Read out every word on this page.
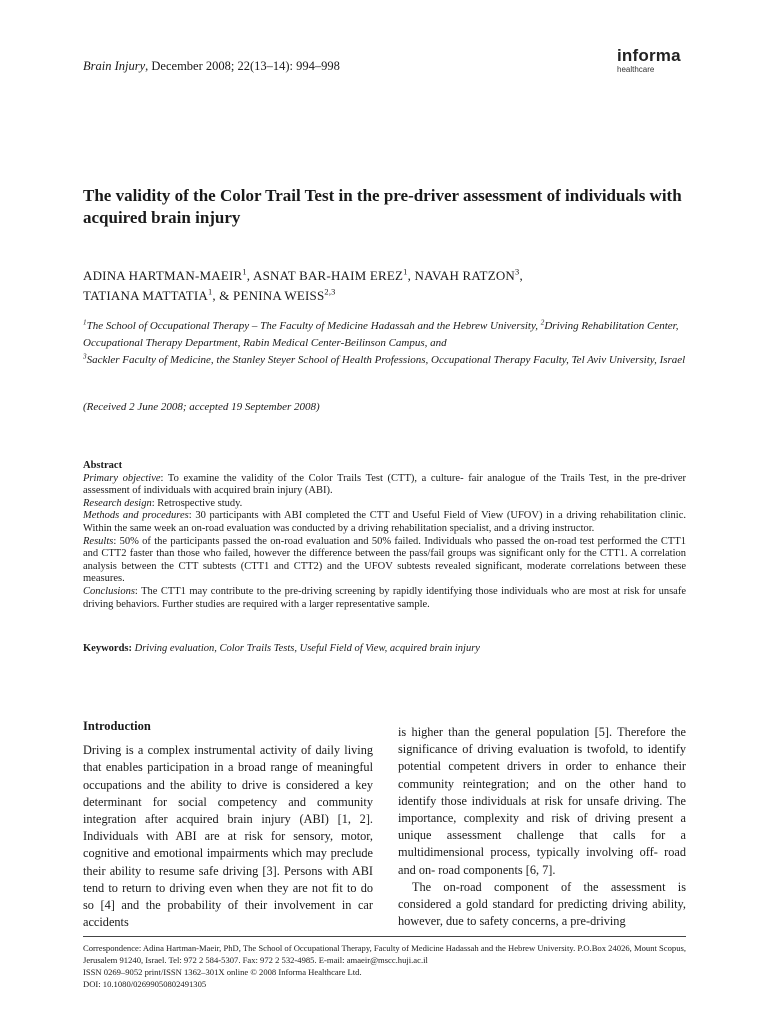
Brain Injury, December 2008; 22(13–14): 994–998
informa
healthcare
The validity of the Color Trail Test in the pre-driver assessment of individuals with acquired brain injury
ADINA HARTMAN-MAEIR$^1$, ASNAT BAR-HAIM EREZ$^1$, NAVAH RATZON$^3$,
TATIANA MATTATIA$^1$, & PENINA WEISS$^{2,3}$
$^1$The School of Occupational Therapy – The Faculty of Medicine Hadassah and the Hebrew University, $^2$Driving Rehabilitation Center, Occupational Therapy Department, Rabin Medical Center-Beilinson Campus, and
$^3$Sackler Faculty of Medicine, the Stanley Steyer School of Health Professions, Occupational Therapy Faculty, Tel Aviv University, Israel
(Received 2 June 2008; accepted 19 September 2008)
Abstract
Primary objective: To examine the validity of the Color Trails Test (CTT), a culture- fair analogue of the Trails Test, in the pre-driver assessment of individuals with acquired brain injury (ABI).
Research design: Retrospective study.
Methods and procedures: 30 participants with ABI completed the CTT and Useful Field of View (UFOV) in a driving rehabilitation clinic. Within the same week an on-road evaluation was conducted by a driving rehabilitation specialist, and a driving instructor.
Results: 50% of the participants passed the on-road evaluation and 50% failed. Individuals who passed the on-road test performed the CTT1 and CTT2 faster than those who failed, however the difference between the pass/fail groups was significant only for the CTT1. A correlation analysis between the CTT subtests (CTT1 and CTT2) and the UFOV subtests revealed significant, moderate correlations between these measures.
Conclusions: The CTT1 may contribute to the pre-driving screening by rapidly identifying those individuals who are most at risk for unsafe driving behaviors. Further studies are required with a larger representative sample.
Keywords: Driving evaluation, Color Trails Tests, Useful Field of View, acquired brain injury
Introduction

Driving is a complex instrumental activity of daily living that enables participation in a broad range of meaningful occupations and the ability to drive is considered a key determinant for social competency and community integration after acquired brain injury (ABI) [1, 2]. Individuals with ABI are at risk for sensory, motor, cognitive and emotional impairments which may preclude their ability to resume safe driving [3]. Persons with ABI tend to return to driving even when they are not fit to do so [4] and the probability of their involvement in car accidents

is higher than the general population [5]. Therefore the significance of driving evaluation is twofold, to identify potential competent drivers in order to enhance their community reintegration; and on the other hand to identify those individuals at risk for unsafe driving. The importance, complexity and risk of driving present a unique assessment challenge that calls for a multidimensional process, typically involving off- road and on- road components [6, 7].

The on-road component of the assessment is considered a gold standard for predicting driving ability, however, due to safety concerns, a pre-driving

Correspondence: Adina Hartman-Maeir, PhD, The School of Occupational Therapy, Faculty of Medicine Hadassah and the Hebrew University. P.O.Box 24026, Mount Scopus, Jerusalem 91240, Israel. Tel: 972 2 584-5307. Fax: 972 2 532-4985. E-mail: amaeir@mscc.huji.ac.il
ISSN 0269–9052 print/ISSN 1362–301X online © 2008 Informa Healthcare Ltd.
DOI: 10.1080/02699050802491305
